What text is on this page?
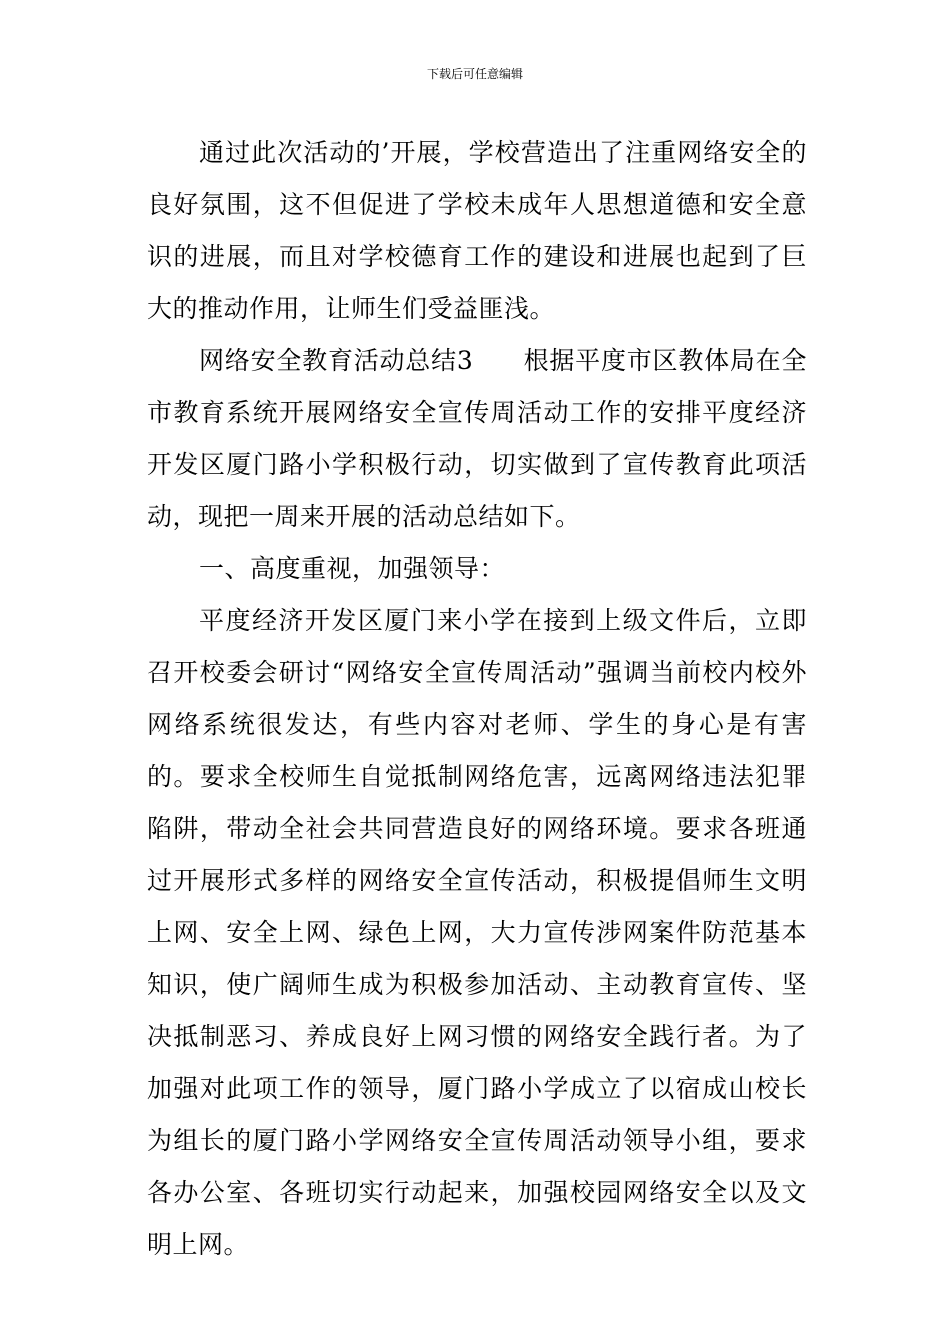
下载后可任意编辑

通过此次活动的’开展，学校营造出了注重网络安全的良好氛围，这不但促进了学校未成年人思想道德和安全意识的进展，而且对学校德育工作的建设和进展也起到了巨大的推动作用，让师生们受益匪浅。

网络安全教育活动总结3 根据平度市区教体局在全市教育系统开展网络安全宣传周活动工作的安排平度经济开发区厦门路小学积极行动，切实做到了宣传教育此项活动，现把一周来开展的活动总结如下。

一、高度重视，加强领导：

平度经济开发区厦门来小学在接到上级文件后，立即召开校委会研讨“网络安全宣传周活动”强调当前校内校外网络系统很发达，有些内容对老师、学生的身心是有害的。要求全校师生自觉抵制网络危害，远离网络违法犯罪陷阱，带动全社会共同营造良好的网络环境。要求各班通过开展形式多样的网络安全宣传活动，积极提倡师生文明上网、安全上网、绿色上网，大力宣传涉网案件防范基本知识，使广阔师生成为积极参加活动、主动教育宣传、坚决抵制恶习、养成良好上网习惯的网络安全践行者。为了加强对此项工作的领导，厦门路小学成立了以宿成山校长为组长的厦门路小学网络安全宣传周活动领导小组，要求各办公室、各班切实行动起来，加强校园网络安全以及文明上网。
